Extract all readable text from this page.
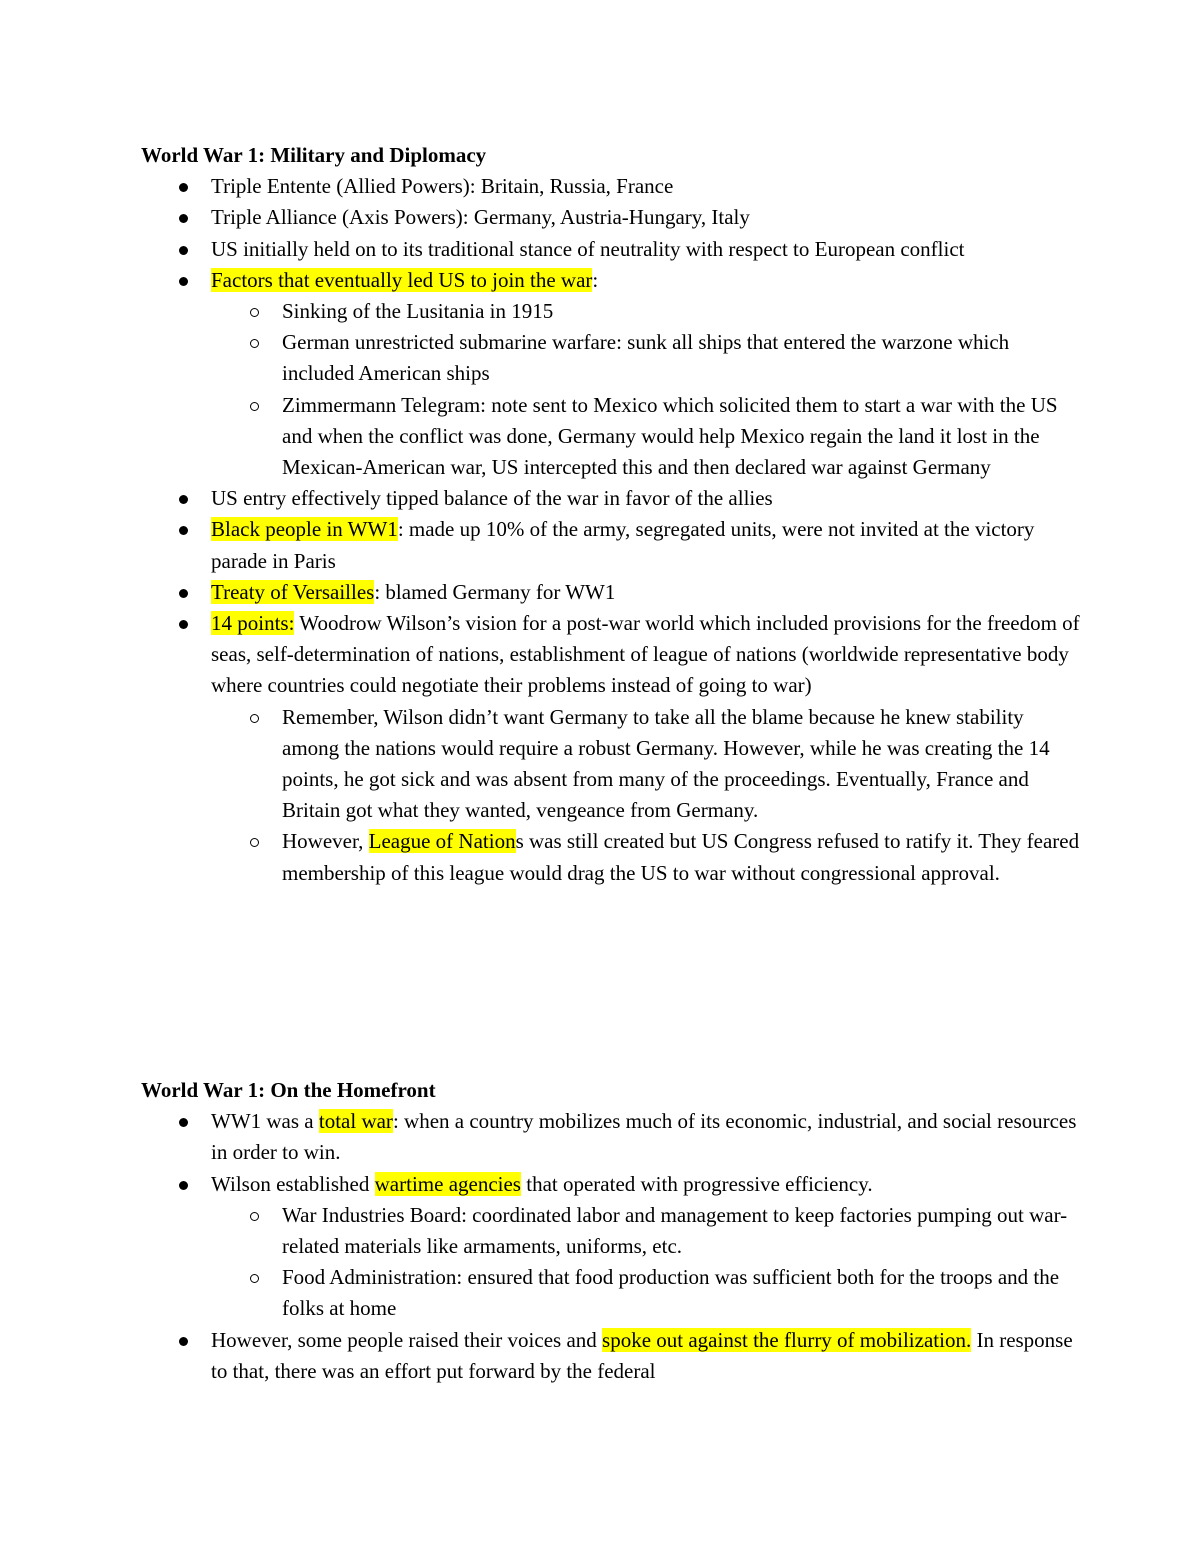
World War 1: Military and Diplomacy
Triple Entente (Allied Powers): Britain, Russia, France
Triple Alliance (Axis Powers): Germany, Austria-Hungary, Italy
US initially held on to its traditional stance of neutrality with respect to European conflict
Factors that eventually led US to join the war:
Sinking of the Lusitania in 1915
German unrestricted submarine warfare: sunk all ships that entered the warzone which included American ships
Zimmermann Telegram: note sent to Mexico which solicited them to start a war with the US and when the conflict was done, Germany would help Mexico regain the land it lost in the Mexican-American war, US intercepted this and then declared war against Germany
US entry effectively tipped balance of the war in favor of the allies
Black people in WW1: made up 10% of the army, segregated units, were not invited at the victory parade in Paris
Treaty of Versailles: blamed Germany for WW1
14 points: Woodrow Wilson’s vision for a post-war world which included provisions for the freedom of seas, self-determination of nations, establishment of league of nations (worldwide representative body where countries could negotiate their problems instead of going to war)
Remember, Wilson didn’t want Germany to take all the blame because he knew stability among the nations would require a robust Germany. However, while he was creating the 14 points, he got sick and was absent from many of the proceedings. Eventually, France and Britain got what they wanted, vengeance from Germany.
However, League of Nations was still created but US Congress refused to ratify it. They feared membership of this league would drag the US to war without congressional approval.
World War 1: On the Homefront
WW1 was a total war: when a country mobilizes much of its economic, industrial, and social resources in order to win.
Wilson established wartime agencies that operated with progressive efficiency.
War Industries Board: coordinated labor and management to keep factories pumping out war-related materials like armaments, uniforms, etc.
Food Administration: ensured that food production was sufficient both for the troops and the folks at home
However, some people raised their voices and spoke out against the flurry of mobilization. In response to that, there was an effort put forward by the federal
